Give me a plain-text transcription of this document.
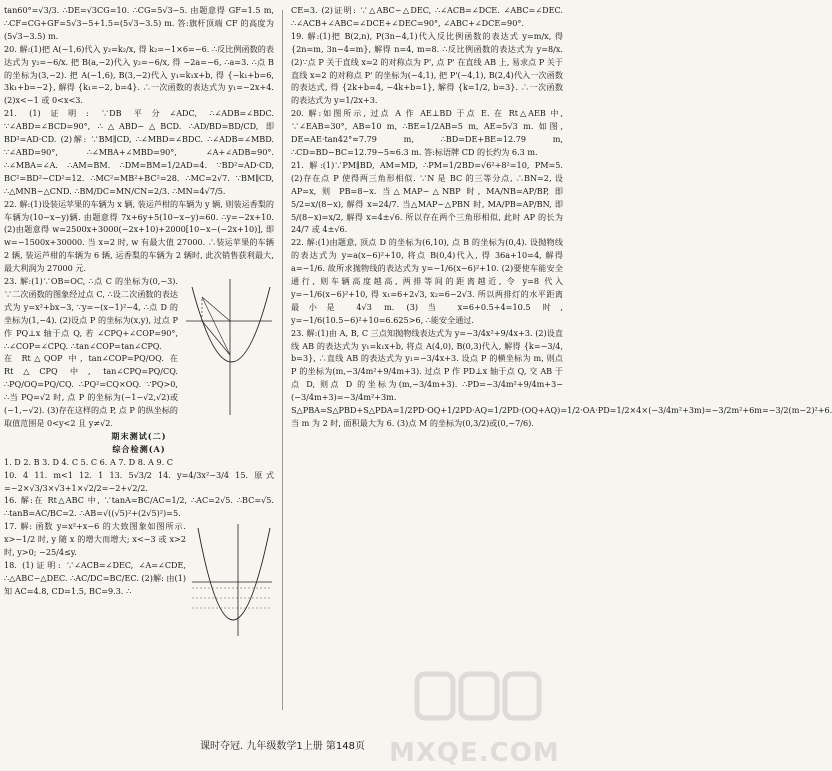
tan60°=√3/3. ∴DE=√3CG=10. ∴CG=5√3−5. 由题意得 GF=1.5 m, ∴CF=CG+GF=5√3−5+1.5=(5√3−3.5) m. 答:旗杆顶端 CF 的高度为(5√3−3.5) m.

20. 解:(1)把 A(−1,6)代入 y₂=k₂/x, 得 k₂=−1×6=−6. ∴反比例函数的表达式为 y₂=−6/x. 把 B(a,−2)代入 y₂=−6/x, 得 −2a=−6, ∴a=3. ∴点 B 的坐标为(3,−2). 把 A(−1,6), B(3,−2)代入 y₁=k₁x+b, 得 {−k₁+b=6, 3k₁+b=−2}, 解得 {k₁=−2, b=4}. ∴一次函数的表达式为 y₁=−2x+4. (2)x<−1 或 0<x<3.

21. (1)证明: ∵DB 平分∠ADC, ∴∠ADB=∠BDC. ∵∠ABD=∠BCD=90°, ∴△ABD∽△BCD. ∴AD/BD=BD/CD, 即 BD²=AD·CD. (2)解: ∵BM∥CD, ∴∠MBD=∠BDC. ∴∠ADB=∠MBD. ∵∠ABD=90°, ∴∠MBA+∠MBD=90°, ∠A+∠ADB=90°. ∴∠MBA=∠A. ∴AM=BM. ∴DM=BM=1/2AD=4. ∵BD²=AD·CD, BC²=BD²−CD²=12. ∴MC²=MB²+BC²=28. ∴MC=2√7. ∵BM∥CD, ∴△MNB∽△CND. ∴BM/DC=MN/CN=2/3. ∴MN=4√7/5.

22. 解:(1)设装运苹果的车辆为 x 辆, 装运芦柑的车辆为 y 辆, 则装运香梨的车辆为(10−x−y)辆. 由题意得 7x+6y+5(10−x−y)=60. ∴y=−2x+10. (2)由题意得 w=2500x+3000(−2x+10)+2000[10−x−(−2x+10)], 即 w=−1500x+30000. 当 x=2 时, w 有最大值 27000. ∴装运苹果的车辆 2 辆, 装运芦柑的车辆为 6 辆, 运香梨的车辆为 2 辆时, 此次销售获利最大, 最大利润为 27000 元.

23. 解:(1)∵OB=OC, ∴点 C 的坐标为(0,−3). ∵二次函数的图象经过点 C, ∴设二次函数的表达式为 y=x²+bx−3, ∵y=−(x−1)²−4, ∴点 D 的坐标为(1,−4). (2)设点 P 的坐标为(x,y), 过点 P 作 PQ⊥x 轴于点 Q, 若 ∠CPQ+∠COP=90°, ∴∠COP=∠CPQ. ∴tan∠COP=tan∠CPQ.

在 Rt△QOP 中, tan∠COP=PQ/OQ. 在 Rt△CPQ 中, tan∠CPQ=PQ/CQ. ∴PQ/OQ=PQ/CQ. ∴PQ²=CQ×OQ. ∵PQ>0, ∴当 PQ=√2 时, 点 P 的坐标为(−1−√2,√2)或(−1,−√2). (3)存在这样的点 P, 点 P 的纵坐标的取值范围是 0<y<2 且 y≠√2.

期末测试(二)

综合检测(A)

1. D 2. B 3. D 4. C 5. C 6. A 7. D 8. A 9. C

10. 4 11. m<1 12. 1 13. 5√3/2 14. y=4/3x²−3/4 15. 原式=−2×√3/3×√3+1×√2/2=−2+√2/2.

16. 解:在 Rt△ABC 中, ∵tanA=BC/AC=1/2, ∴AC=2√5. ∴BC=√5. ∴tanB=AC/BC=2. ∴AB=√((√5)²+(2√5)²)=5.

17. 解: 函数 y=x²+x−6 的大致图象如图所示. x>−1/2 时, y 随 x 的增大而增大; x<−3 或 x>2 时, y>0; −25/4≤y.

18. (1)证明: ∵∠ACB=∠DEC, ∠A=∠CDE, ∴△ABC∽△DEC. ∴AC/DC=BC/EC. (2)解: 由(1)知 AC=4.8, CD=1.5, BC=9.3. ∴

CE=3. (2)证明: ∵△ABC∽△DEC, ∴∠ACB=∠DCE. ∠ABC=∠DEC. ∴∠ACB+∠ABC=∠DCE+∠DEC=90°, ∠ABC+∠DCE=90°.

19. 解:(1)把 B(2,n), P(3n−4,1)代入反比例函数的表达式 y=m/x, 得 {2n=m, 3n−4=m}, 解得 n=4, m=8. ∴反比例函数的表达式为 y=8/x. (2)∵点 P 关于直线 x=2 的对称点为 P', 点 P' 在直线 AB 上, 易求点 P 关于直线 x=2 的对称点 P' 的坐标为(−4,1), 把 P'(−4,1), B(2,4)代入一次函数的表达式, 得 {2k+b=4, −4k+b=1}, 解得 {k=1/2, b=3}. ∴一次函数的表达式为 y=1/2x+3.

20. 解:如图所示, 过点 A 作 AE⊥BD 于点 E. 在 Rt△AEB 中, ∵∠EAB=30°, AB=10 m, ∴BE=1/2AB=5 m, AE=5√3 m. 如图, DE=AE·tan42°≈7.79 m, ∴BD=DE+BE=12.79 m, ∴CD=BD−BC=12.79−5≈6.3 m. 答:标语牌 CD 的长约为 6.3 m.

21. 解:(1)∵PM∥BD, AM=MD, ∴PM=1/2BD=√6²+8²=10, PM=5. (2)存在点 P 使得两三角形相似. ∵N 是 BC 的三等分点, ∴BN=2, 设 AP=x, 则 PB=8−x. 当△MAP∽△NBP 时, MA/NB=AP/BP, 即 5/2=x/(8−x), 解得 x=24/7. 当△MAP∽△PBN 时, MA/PB=AP/BN, 即 5/(8−x)=x/2, 解得 x=4±√6. 所以存在两个三角形相似, 此时 AP 的长为 24/7 或 4±√6.

22. 解:(1)由题意, 顶点 D 的坐标为(6,10), 点 B 的坐标为(0,4). 设抛物线的表达式为 y=a(x−6)²+10, 将点 B(0,4)代入, 得 36a+10=4, 解得 a=−1/6. 故所求抛物线的表达式为 y=−1/6(x−6)²+10. (2)要使车能安全通行, 则车辆高度越高, 两排等间的距离越近, 令 y=8 代入 y=−1/6(x−6)²+10, 得 x₁=6+2√3, x₂=6−2√3. 所以两排灯的水平距离最小是 4√3 m. (3)当 x=6+0.5+4=10.5 时, y=−1/6(10.5−6)²+10=6.625>6, ∴能安全通过.

23. 解:(1)由 A, B, C 三点知抛物线表达式为 y=−3/4x²+9/4x+3. (2)设直线 AB 的表达式为 y₁=k₁x+b, 将点 A(4,0), B(0,3)代入, 解得 {k=−3/4, b=3}, ∴直线 AB 的表达式为 y₁=−3/4x+3. 设点 P 的横坐标为 m, 则点 P 的坐标为(m,−3/4m²+9/4m+3). 过点 P 作 PD⊥x 轴于点 Q, 交 AB 于点 D, 则点 D 的坐标为(m,−3/4m+3). ∴PD=−3/4m²+9/4m+3−(−3/4m+3)=−3/4m²+3m. S△PBA=S△PBD+S△PDA=1/2PD·OQ+1/2PD·AQ=1/2PD·(OQ+AQ)=1/2·OA·PD=1/2×4×(−3/4m²+3m)=−3/2m²+6m=−3/2(m−2)²+6. 当 m 为 2 时, 面积最大为 6. (3)点 M 的坐标为(0,3/2)或(0,−7/6).

MXQE.COM
课时夺冠. 九年级数学1上册 第148页
